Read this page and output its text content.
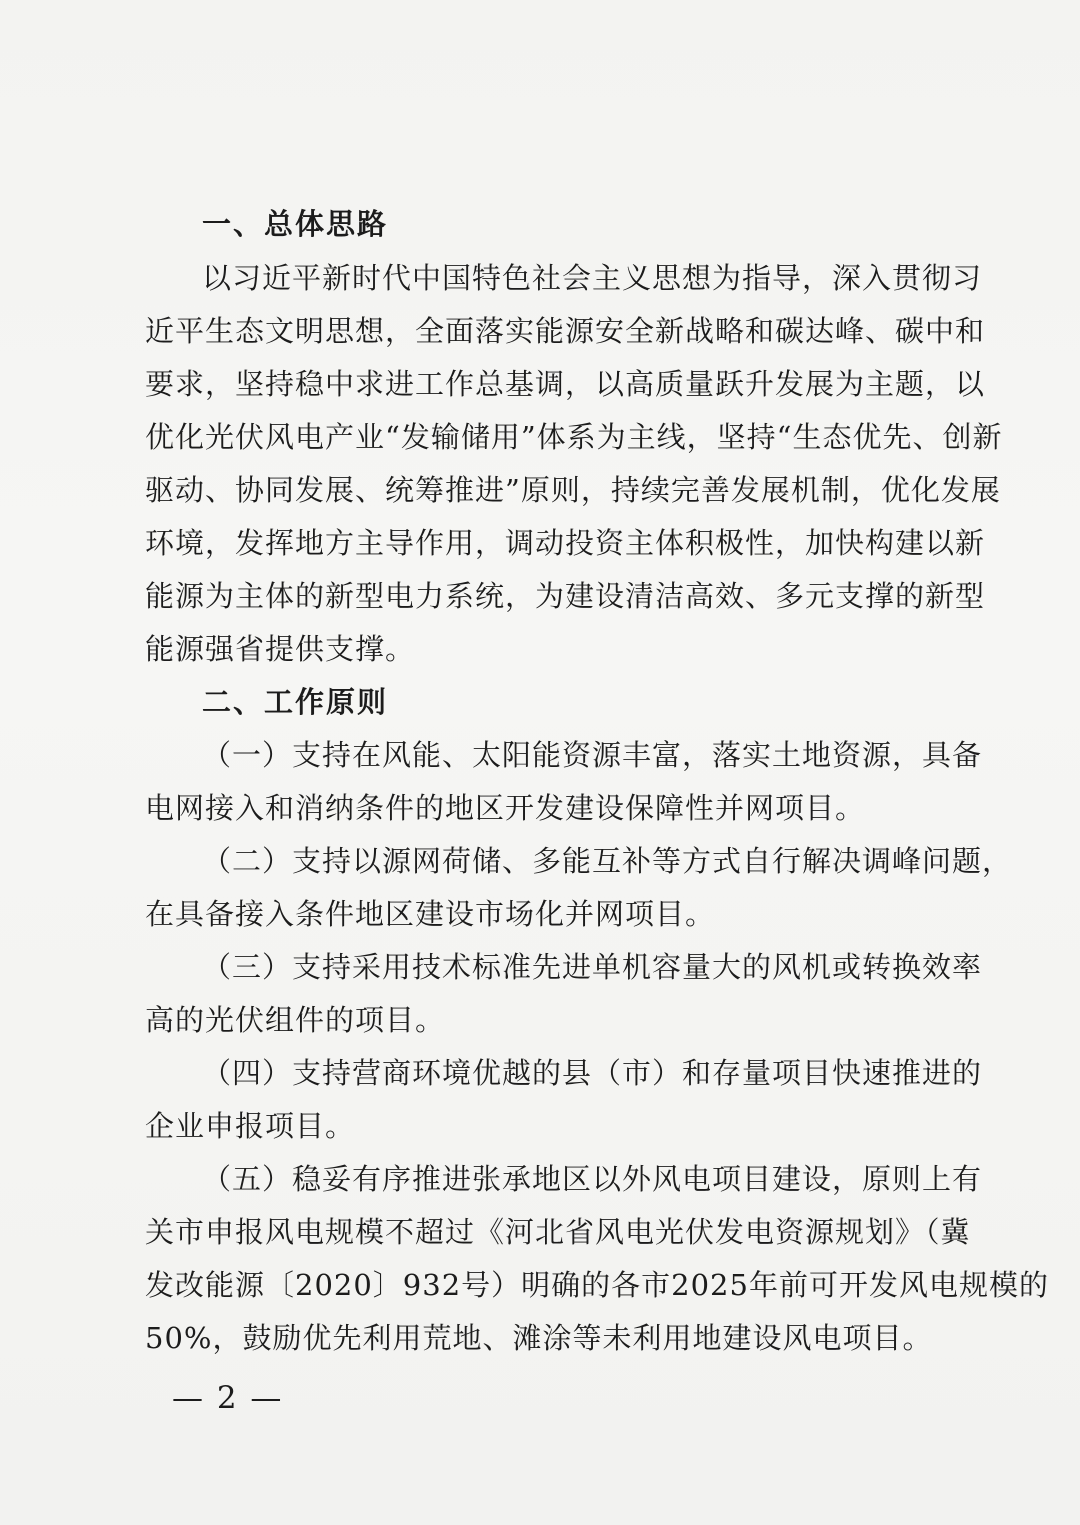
一、总体思路
以习近平新时代中国特色社会主义思想为指导，深入贯彻习
近平生态文明思想，全面落实能源安全新战略和碳达峰、碳中和
要求，坚持稳中求进工作总基调，以高质量跃升发展为主题，以
优化光伏风电产业“发输储用”体系为主线，坚持“生态优先、创新
驱动、协同发展、统筹推进”原则，持续完善发展机制，优化发展
环境，发挥地方主导作用，调动投资主体积极性，加快构建以新
能源为主体的新型电力系统，为建设清洁高效、多元支撑的新型
能源强省提供支撑。
二、工作原则
（一）支持在风能、太阳能资源丰富，落实土地资源，具备
电网接入和消纳条件的地区开发建设保障性并网项目。
（二）支持以源网荷储、多能互补等方式自行解决调峰问题，
在具备接入条件地区建设市场化并网项目。
（三）支持采用技术标准先进单机容量大的风机或转换效率
高的光伏组件的项目。
（四）支持营商环境优越的县（市）和存量项目快速推进的
企业申报项目。
（五）稳妥有序推进张承地区以外风电项目建设，原则上有
关市申报风电规模不超过《河北省风电光伏发电资源规划》（冀
发改能源〔2020〕932号）明确的各市2025年前可开发风电规模的
50%，鼓励优先利用荒地、滩涂等未利用地建设风电项目。
— 2 —
